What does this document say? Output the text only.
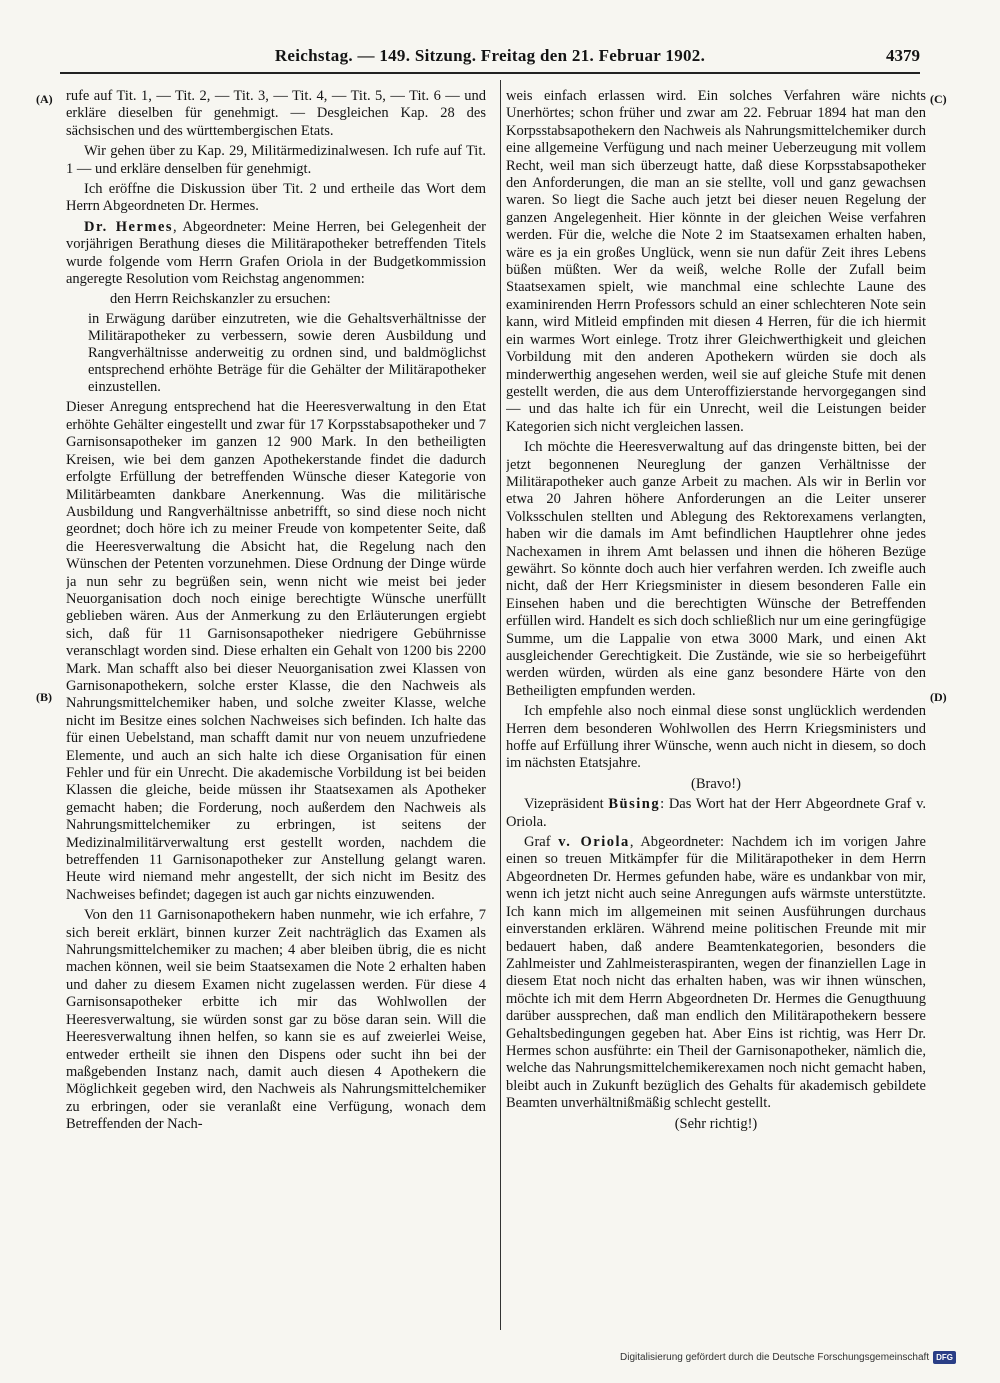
Reichstag. — 149. Sitzung. Freitag den 21. Februar 1902.	4379
(A)
(B)
(C)
(D)

rufe auf Tit. 1, — Tit. 2, — Tit. 3, — Tit. 4, — Tit. 5, — Tit. 6 — und erkläre dieselben für genehmigt. — Desgleichen Kap. 28 des sächsischen und des württembergischen Etats.

Wir gehen über zu Kap. 29, Militärmedizinalwesen. Ich rufe auf Tit. 1 — und erkläre denselben für genehmigt.

Ich eröffne die Diskussion über Tit. 2 und ertheile das Wort dem Herrn Abgeordneten Dr. Hermes.

Dr. Hermes, Abgeordneter: Meine Herren, bei Gelegenheit der vorjährigen Berathung dieses die Militärapotheker betreffenden Titels wurde folgende vom Herrn Grafen Oriola in der Budgetkommission angeregte Resolution vom Reichstag angenommen:

den Herrn Reichskanzler zu ersuchen:

in Erwägung darüber einzutreten, wie die Gehaltsverhältnisse der Militärapotheker zu verbessern, sowie deren Ausbildung und Rangverhältnisse anderweitig zu ordnen sind, und baldmöglichst entsprechend erhöhte Beträge für die Gehälter der Militärapotheker einzustellen.

Dieser Anregung entsprechend hat die Heeresverwaltung in den Etat erhöhte Gehälter eingestellt und zwar für 17 Korpsstabsapotheker und 7 Garnisonsapotheker im ganzen 12 900 Mark. In den betheiligten Kreisen, wie bei dem ganzen Apothekerstande findet die dadurch erfolgte Erfüllung der betreffenden Wünsche dieser Kategorie von Militärbeamten dankbare Anerkennung. Was die militärische Ausbildung und Rangverhältnisse anbetrifft, so sind diese noch nicht geordnet; doch höre ich zu meiner Freude von kompetenter Seite, daß die Heeresverwaltung die Absicht hat, die Regelung nach den Wünschen der Petenten vorzunehmen. Diese Ordnung der Dinge würde ja nun sehr zu begrüßen sein, wenn nicht wie meist bei jeder Neuorganisation doch noch einige berechtigte Wünsche unerfüllt geblieben wären. Aus der Anmerkung zu den Erläuterungen ergiebt sich, daß für 11 Garnisonsapotheker niedrigere Gebührnisse veranschlagt worden sind. Diese erhalten ein Gehalt von 1200 bis 2200 Mark. Man schafft also bei dieser Neuorganisation zwei Klassen von Garnisonapothekern, solche erster Klasse, die den Nachweis als Nahrungsmittelchemiker haben, und solche zweiter Klasse, welche nicht im Besitze eines solchen Nachweises sich befinden. Ich halte das für einen Uebelstand, man schafft damit nur von neuem unzufriedene Elemente, und auch an sich halte ich diese Organisation für einen Fehler und für ein Unrecht. Die akademische Vorbildung ist bei beiden Klassen die gleiche, beide müssen ihr Staatsexamen als Apotheker gemacht haben; die Forderung, noch außerdem den Nachweis als Nahrungsmittelchemiker zu erbringen, ist seitens der Medizinalmilitärverwaltung erst gestellt worden, nachdem die betreffenden 11 Garnisonapotheker zur Anstellung gelangt waren. Heute wird niemand mehr angestellt, der sich nicht im Besitz des Nachweises befindet; dagegen ist auch gar nichts einzuwenden.

Von den 11 Garnisonapothekern haben nunmehr, wie ich erfahre, 7 sich bereit erklärt, binnen kurzer Zeit nachträglich das Examen als Nahrungsmittelchemiker zu machen; 4 aber bleiben übrig, die es nicht machen können, weil sie beim Staatsexamen die Note 2 erhalten haben und daher zu diesem Examen nicht zugelassen werden. Für diese 4 Garnisonsapotheker erbitte ich mir das Wohlwollen der Heeresverwaltung, sie würden sonst gar zu böse daran sein. Will die Heeresverwaltung ihnen helfen, so kann sie es auf zweierlei Weise, entweder ertheilt sie ihnen den Dispens oder sucht ihn bei der maßgebenden Instanz nach, damit auch diesen 4 Apothekern die Möglichkeit gegeben wird, den Nachweis als Nahrungsmittelchemiker zu erbringen, oder sie veranlaßt eine Verfügung, wonach dem Betreffenden der Nach-

weis einfach erlassen wird. Ein solches Verfahren wäre nichts Unerhörtes; schon früher und zwar am 22. Februar 1894 hat man den Korpsstabsapothekern den Nachweis als Nahrungsmittelchemiker durch eine allgemeine Verfügung und nach meiner Ueberzeugung mit vollem Recht, weil man sich überzeugt hatte, daß diese Korpsstabsapotheker den Anforderungen, die man an sie stellte, voll und ganz gewachsen waren. So liegt die Sache auch jetzt bei dieser neuen Regelung der ganzen Angelegenheit. Hier könnte in der gleichen Weise verfahren werden. Für die, welche die Note 2 im Staatsexamen erhalten haben, wäre es ja ein großes Unglück, wenn sie nun dafür Zeit ihres Lebens büßen müßten. Wer da weiß, welche Rolle der Zufall beim Staatsexamen spielt, wie manchmal eine schlechte Laune des examinirenden Herrn Professors schuld an einer schlechteren Note sein kann, wird Mitleid empfinden mit diesen 4 Herren, für die ich hiermit ein warmes Wort einlege. Trotz ihrer Gleichwerthigkeit und gleichen Vorbildung mit den anderen Apothekern würden sie doch als minderwerthig angesehen werden, weil sie auf gleiche Stufe mit denen gestellt werden, die aus dem Unteroffizierstande hervorgegangen sind — und das halte ich für ein Unrecht, weil die Leistungen beider Kategorien sich nicht vergleichen lassen.

Ich möchte die Heeresverwaltung auf das dringenste bitten, bei der jetzt begonnenen Neureglung der ganzen Verhältnisse der Militärapotheker auch ganze Arbeit zu machen. Als wir in Berlin vor etwa 20 Jahren höhere Anforderungen an die Leiter unserer Volksschulen stellten und Ablegung des Rektorexamens verlangten, haben wir die damals im Amt befindlichen Hauptlehrer ohne jedes Nachexamen in ihrem Amt belassen und ihnen die höheren Bezüge gewährt. So könnte doch auch hier verfahren werden. Ich zweifle auch nicht, daß der Herr Kriegsminister in diesem besonderen Falle ein Einsehen haben und die berechtigten Wünsche der Betreffenden erfüllen wird. Handelt es sich doch schließlich nur um eine geringfügige Summe, um die Lappalie von etwa 3000 Mark, und einen Akt ausgleichender Gerechtigkeit. Die Zustände, wie sie so herbeigeführt werden würden, würden als eine ganz besondere Härte von den Betheiligten empfunden werden.

Ich empfehle also noch einmal diese sonst unglücklich werdenden Herren dem besonderen Wohlwollen des Herrn Kriegsministers und hoffe auf Erfüllung ihrer Wünsche, wenn auch nicht in diesem, so doch im nächsten Etatsjahre.

(Bravo!)

Vizepräsident Büsing: Das Wort hat der Herr Abgeordnete Graf v. Oriola.

Graf v. Oriola, Abgeordneter: Nachdem ich im vorigen Jahre einen so treuen Mitkämpfer für die Militärapotheker in dem Herrn Abgeordneten Dr. Hermes gefunden habe, wäre es undankbar von mir, wenn ich jetzt nicht auch seine Anregungen aufs wärmste unterstützte. Ich kann mich im allgemeinen mit seinen Ausführungen durchaus einverstanden erklären. Während meine politischen Freunde mit mir bedauert haben, daß andere Beamtenkategorien, besonders die Zahlmeister und Zahlmeisteraspiranten, wegen der finanziellen Lage in diesem Etat noch nicht das erhalten haben, was wir ihnen wünschen, möchte ich mit dem Herrn Abgeordneten Dr. Hermes die Genugthuung darüber aussprechen, daß man endlich den Militärapothekern bessere Gehaltsbedingungen gegeben hat. Aber Eins ist richtig, was Herr Dr. Hermes schon ausführte: ein Theil der Garnisonapotheker, nämlich die, welche das Nahrungsmittelchemikerexamen noch nicht gemacht haben, bleibt auch in Zukunft bezüglich des Gehalts für akademisch gebildete Beamten unverhältnißmäßig schlecht gestellt.

(Sehr richtig!)

Digitalisierung gefördert durch die Deutsche Forschungsgemeinschaft DFG
